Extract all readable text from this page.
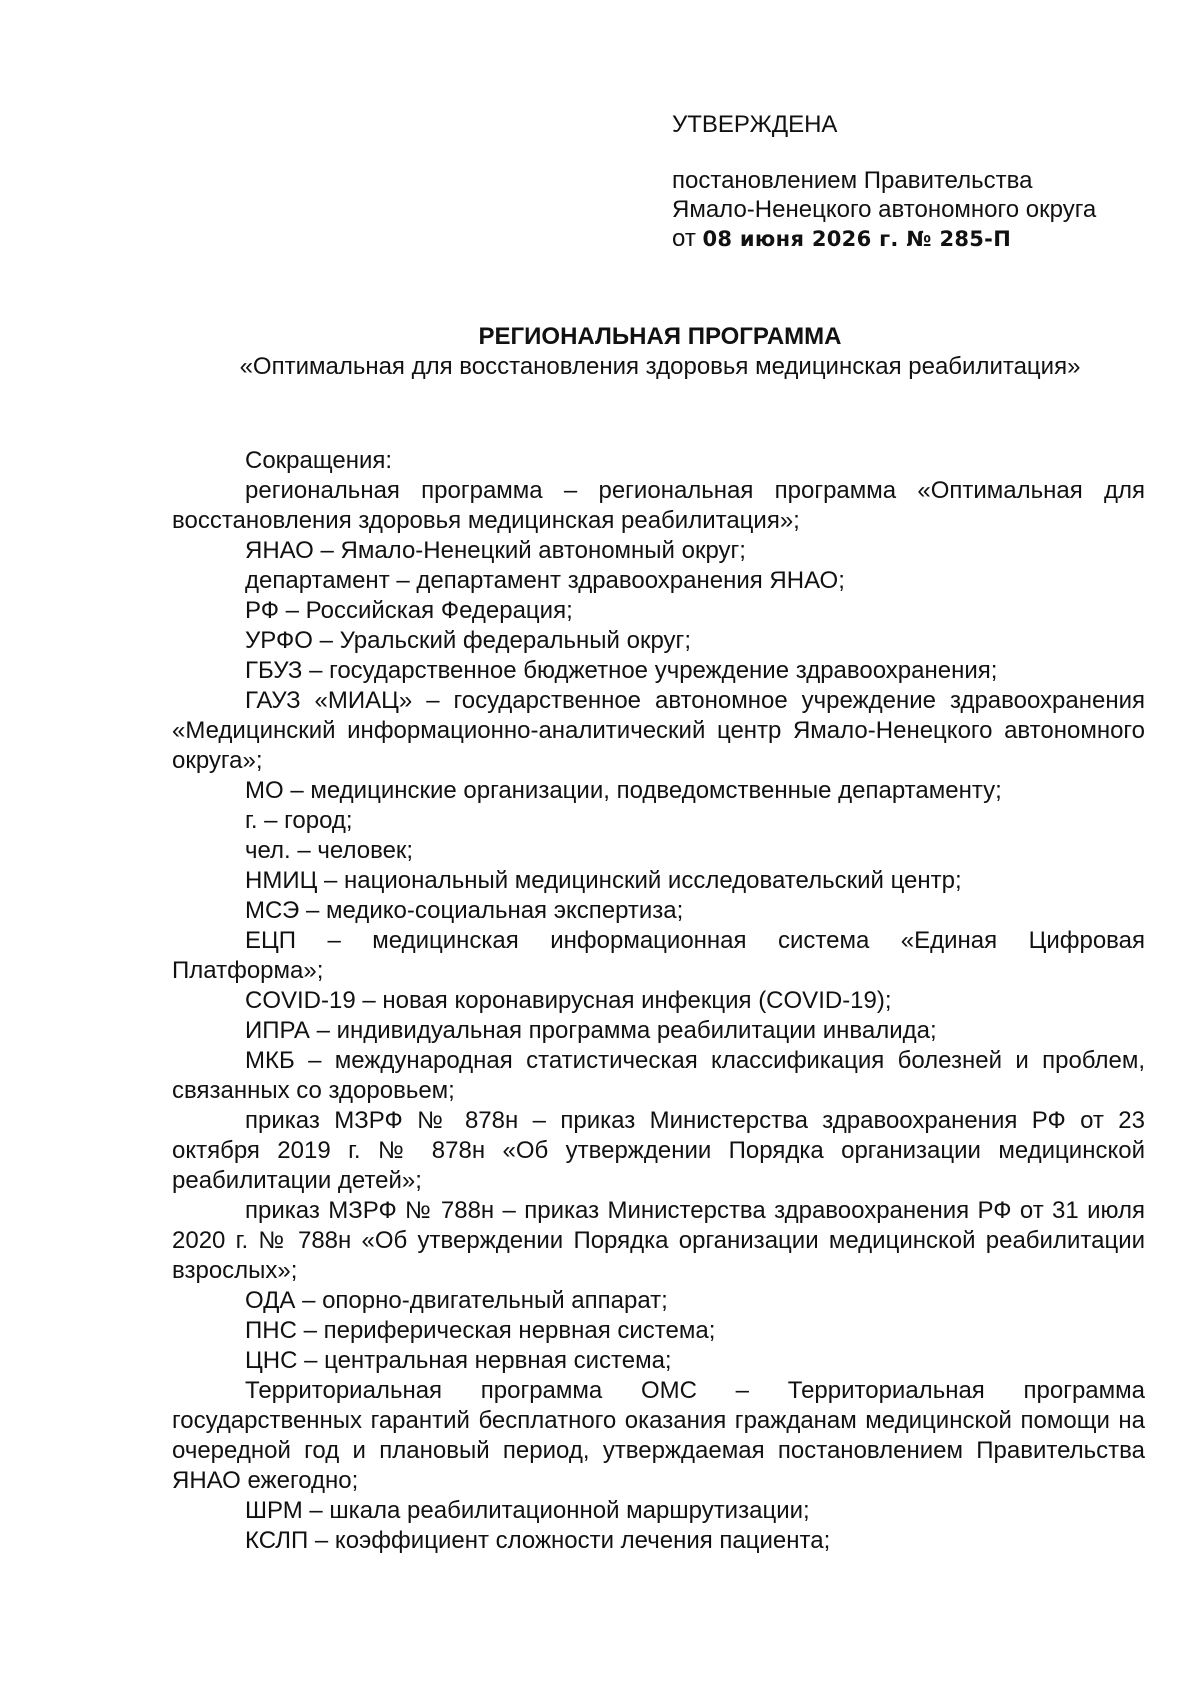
УТВЕРЖДЕНА
постановлением Правительства
Ямало-Ненецкого автономного округа
от 08 июня 2026 г. № 285-П
РЕГИОНАЛЬНАЯ ПРОГРАММА
«Оптимальная для восстановления здоровья медицинская реабилитация»

Сокращения:

региональная программа – региональная программа «Оптимальная для восстановления здоровья медицинская реабилитация»;

ЯНАО – Ямало-Ненецкий автономный округ;

департамент – департамент здравоохранения ЯНАО;

РФ – Российская Федерация;

УРФО – Уральский федеральный округ;

ГБУЗ – государственное бюджетное учреждение здравоохранения;

ГАУЗ «МИАЦ» – государственное автономное учреждение здравоохранения «Медицинский информационно-аналитический центр Ямало-Ненецкого автономного округа»;

МО – медицинские организации, подведомственные департаменту;

г. – город;

чел. – человек;

НМИЦ – национальный медицинский исследовательский центр;

МСЭ – медико-социальная экспертиза;

ЕЦП – медицинская информационная система «Единая Цифровая Платформа»;

COVID-19 – новая коронавирусная инфекция (COVID-19);

ИПРА – индивидуальная программа реабилитации инвалида;

МКБ – международная статистическая классификация болезней и проблем, связанных со здоровьем;

приказ МЗРФ № 878н – приказ Министерства здравоохранения РФ от 23 октября 2019 г. № 878н «Об утверждении Порядка организации медицинской реабилитации детей»;

приказ МЗРФ № 788н – приказ Министерства здравоохранения РФ от 31 июля 2020 г. № 788н «Об утверждении Порядка организации медицинской реабилитации взрослых»;

ОДА – опорно-двигательный аппарат;

ПНС – периферическая нервная система;

ЦНС – центральная нервная система;

Территориальная программа ОМС – Территориальная программа государственных гарантий бесплатного оказания гражданам медицинской помощи на очередной год и плановый период, утверждаемая постановлением Правительства ЯНАО ежегодно;

ШРМ – шкала реабилитационной маршрутизации;

КСЛП – коэффициент сложности лечения пациента;
